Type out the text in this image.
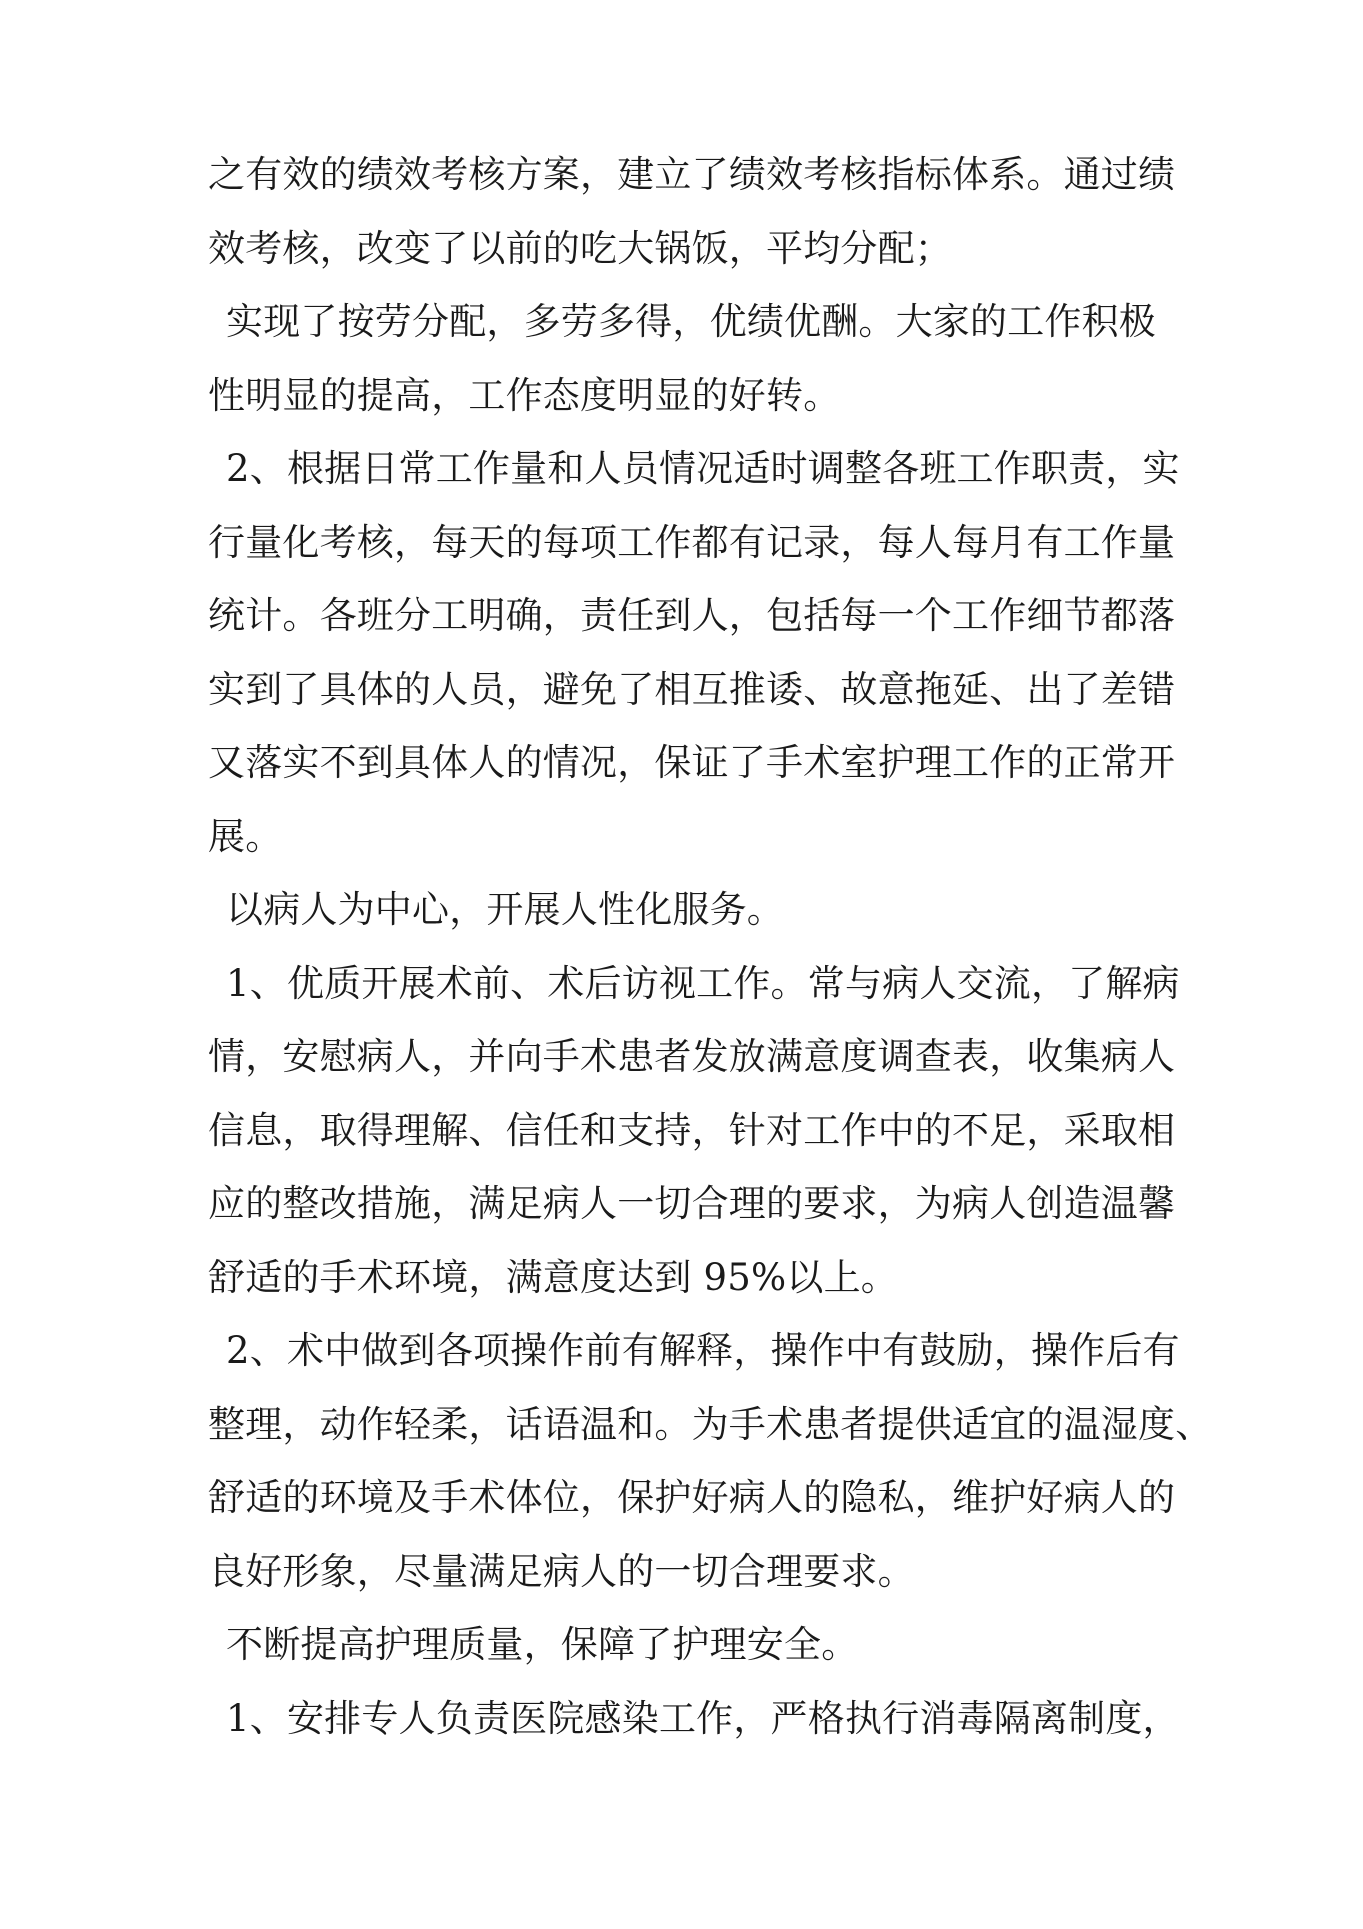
之有效的绩效考核方案，建立了绩效考核指标体系。通过绩
效考核，改变了以前的吃大锅饭，平均分配；
实现了按劳分配，多劳多得，优绩优酬。大家的工作积极
性明显的提高，工作态度明显的好转。
2、根据日常工作量和人员情况适时调整各班工作职责，实
行量化考核，每天的每项工作都有记录，每人每月有工作量
统计。各班分工明确，责任到人，包括每一个工作细节都落
实到了具体的人员，避免了相互推诿、故意拖延、出了差错
又落实不到具体人的情况，保证了手术室护理工作的正常开
展。
以病人为中心，开展人性化服务。
1、优质开展术前、术后访视工作。常与病人交流，了解病
情，安慰病人，并向手术患者发放满意度调查表，收集病人
信息，取得理解、信任和支持，针对工作中的不足，采取相
应的整改措施，满足病人一切合理的要求，为病人创造温馨
舒适的手术环境，满意度达到 95%以上。
2、术中做到各项操作前有解释，操作中有鼓励，操作后有
整理，动作轻柔，话语温和。为手术患者提供适宜的温湿度、
舒适的环境及手术体位，保护好病人的隐私，维护好病人的
良好形象，尽量满足病人的一切合理要求。
不断提高护理质量，保障了护理安全。
1、安排专人负责医院感染工作，严格执行消毒隔离制度，
